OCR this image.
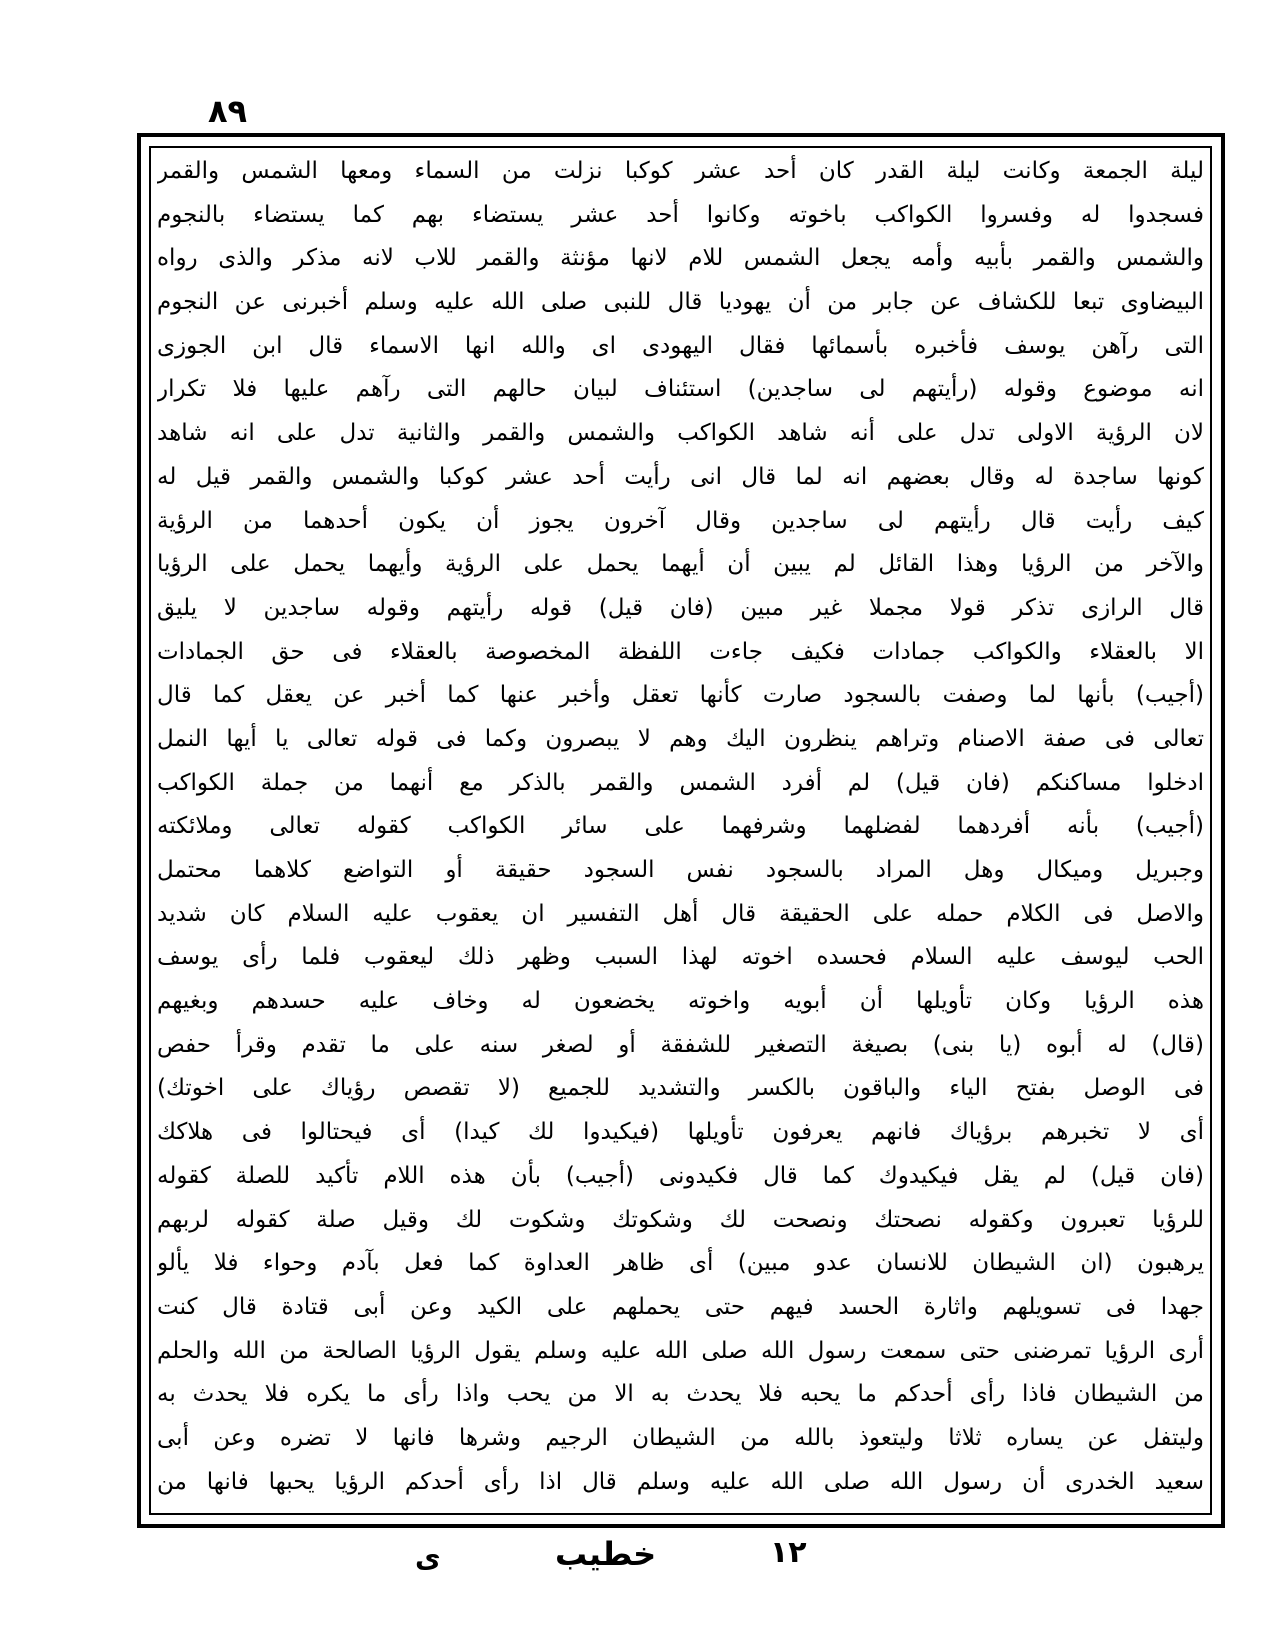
٨٩
ليلة الجمعة وكانت ليلة القدر كان أحد عشر كوكبا نزلت من السماء ومعها الشمس والقمر
فسجدوا له وفسروا الكواكب باخوته وكانوا أحد عشر يستضاء بهم كما يستضاء بالنجوم
والشمس والقمر بأبيه وأمه يجعل الشمس للام لانها مؤنثة والقمر للاب لانه مذكر والذى رواه
البيضاوى تبعا للكشاف عن جابر من أن يهوديا قال للنبى صلى الله عليه وسلم أخبرنى عن النجوم
التى رآهن يوسف فأخبره بأسمائها فقال اليهودى اى والله انها الاسماء قال ابن الجوزى
انه موضوع وقوله (رأيتهم لى ساجدين) استئناف لبيان حالهم التى رآهم عليها فلا تكرار
لان الرؤية الاولى تدل على أنه شاهد الكواكب والشمس والقمر والثانية تدل على انه شاهد
كونها ساجدة له وقال بعضهم انه لما قال انى رأيت أحد عشر كوكبا والشمس والقمر قيل له
كيف رأيت قال رأيتهم لى ساجدين وقال آخرون يجوز أن يكون أحدهما من الرؤية
والآخر من الرؤيا وهذا القائل لم يبين أن أيهما يحمل على الرؤية وأيهما يحمل على الرؤيا
قال الرازى تذكر قولا مجملا غير مبين (فان قيل) قوله رأيتهم وقوله ساجدين لا يليق
الا بالعقلاء والكواكب جمادات فكيف جاءت اللفظة المخصوصة بالعقلاء فى حق الجمادات
(أجيب) بأنها لما وصفت بالسجود صارت كأنها تعقل وأخبر عنها كما أخبر عن يعقل كما قال
تعالى فى صفة الاصنام وتراهم ينظرون اليك وهم لا يبصرون وكما فى قوله تعالى يا أيها النمل
ادخلوا مساكنكم (فان قيل) لم أفرد الشمس والقمر بالذكر مع أنهما من جملة الكواكب
(أجيب) بأنه أفردهما لفضلهما وشرفهما على سائر الكواكب كقوله تعالى وملائكته
وجبريل وميكال وهل المراد بالسجود نفس السجود حقيقة أو التواضع كلاهما محتمل
والاصل فى الكلام حمله على الحقيقة قال أهل التفسير ان يعقوب عليه السلام كان شديد
الحب ليوسف عليه السلام فحسده اخوته لهذا السبب وظهر ذلك ليعقوب فلما رأى يوسف
هذه الرؤيا وكان تأويلها أن أبويه واخوته يخضعون له وخاف عليه حسدهم وبغيهم
(قال) له أبوه (يا بنى) بصيغة التصغير للشفقة أو لصغر سنه على ما تقدم وقرأ حفص
فى الوصل بفتح الياء والباقون بالكسر والتشديد للجميع (لا تقصص رؤياك على اخوتك)
أى لا تخبرهم برؤياك فانهم يعرفون تأويلها (فيكيدوا لك كيدا) أى فيحتالوا فى هلاكك
(فان قيل) لم يقل فيكيدوك كما قال فكيدونى (أجيب) بأن هذه اللام تأكيد للصلة كقوله
للرؤيا تعبرون وكقوله نصحتك ونصحت لك وشكوتك وشكوت لك وقيل صلة كقوله لربهم
يرهبون (ان الشيطان للانسان عدو مبين) أى ظاهر العداوة كما فعل بآدم وحواء فلا يألو
جهدا فى تسويلهم واثارة الحسد فيهم حتى يحملهم على الكيد وعن أبى قتادة قال كنت
أرى الرؤيا تمرضنى حتى سمعت رسول الله صلى الله عليه وسلم يقول الرؤيا الصالحة من الله والحلم
من الشيطان فاذا رأى أحدكم ما يحبه فلا يحدث به الا من يحب واذا رأى ما يكره فلا يحدث به
وليتفل عن يساره ثلاثا وليتعوذ بالله من الشيطان الرجيم وشرها فانها لا تضره وعن أبى
سعيد الخدرى أن رسول الله صلى الله عليه وسلم قال اذا رأى أحدكم الرؤيا يحبها فانها من
١٢
خطيب
ى
